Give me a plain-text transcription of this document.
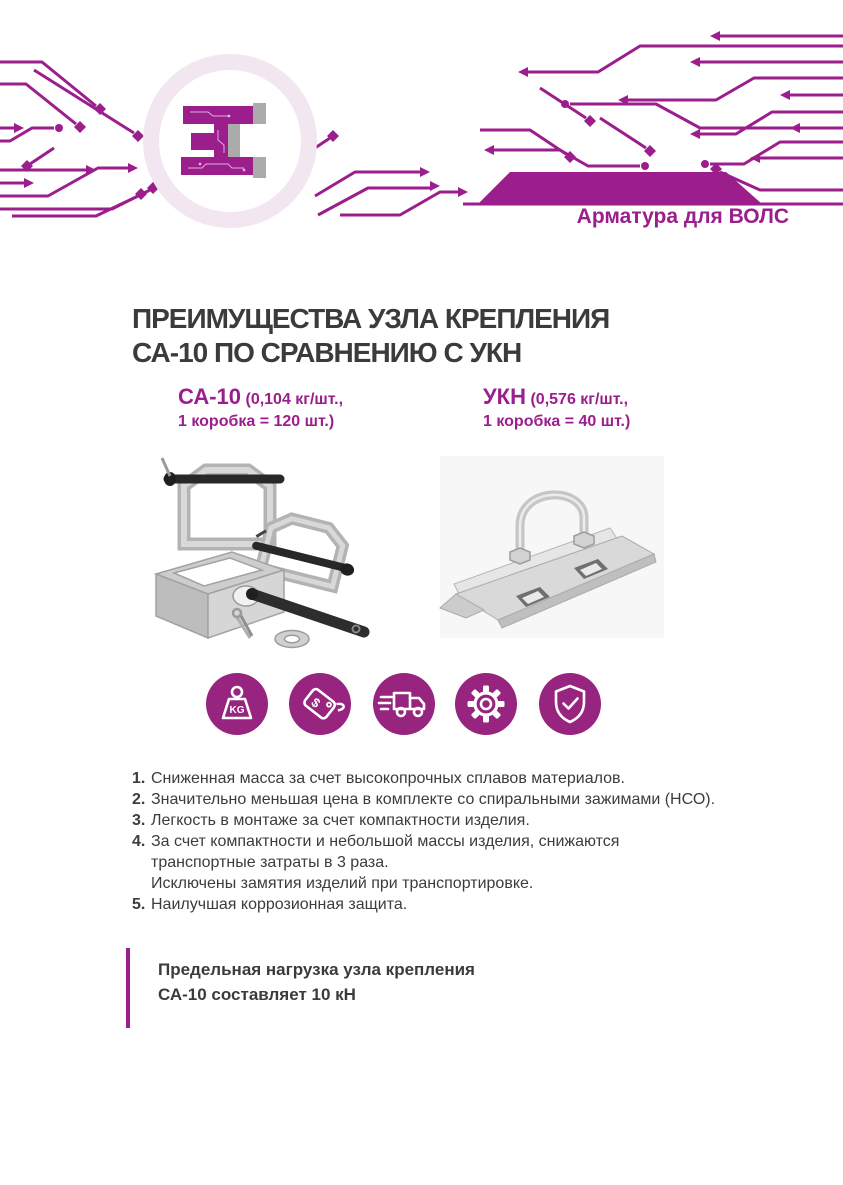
Арматура для ВОЛС
ПРЕИМУЩЕСТВА УЗЛА КРЕПЛЕНИЯ
СА-10 ПО СРАВНЕНИЮ С УКН
СА-10 (0,104 кг/шт.,
1 коробка = 120 шт.)
УКН (0,576 кг/шт.,
1 коробка = 40 шт.)
KG	$
1. Сниженная масса за счет высокопрочных сплавов материалов.
2. Значительно меньшая цена в комплекте со спиральными зажимами (НСО).
3. Легкость в монтаже за счет компактности изделия.
4. За счет компактности и небольшой массы изделия, снижаются
транспортные затраты в 3 раза.
Исключены замятия изделий при транспортировке.
5. Наилучшая коррозионная защита.
Предельная нагрузка узла крепления
СА-10 составляет 10 кН
